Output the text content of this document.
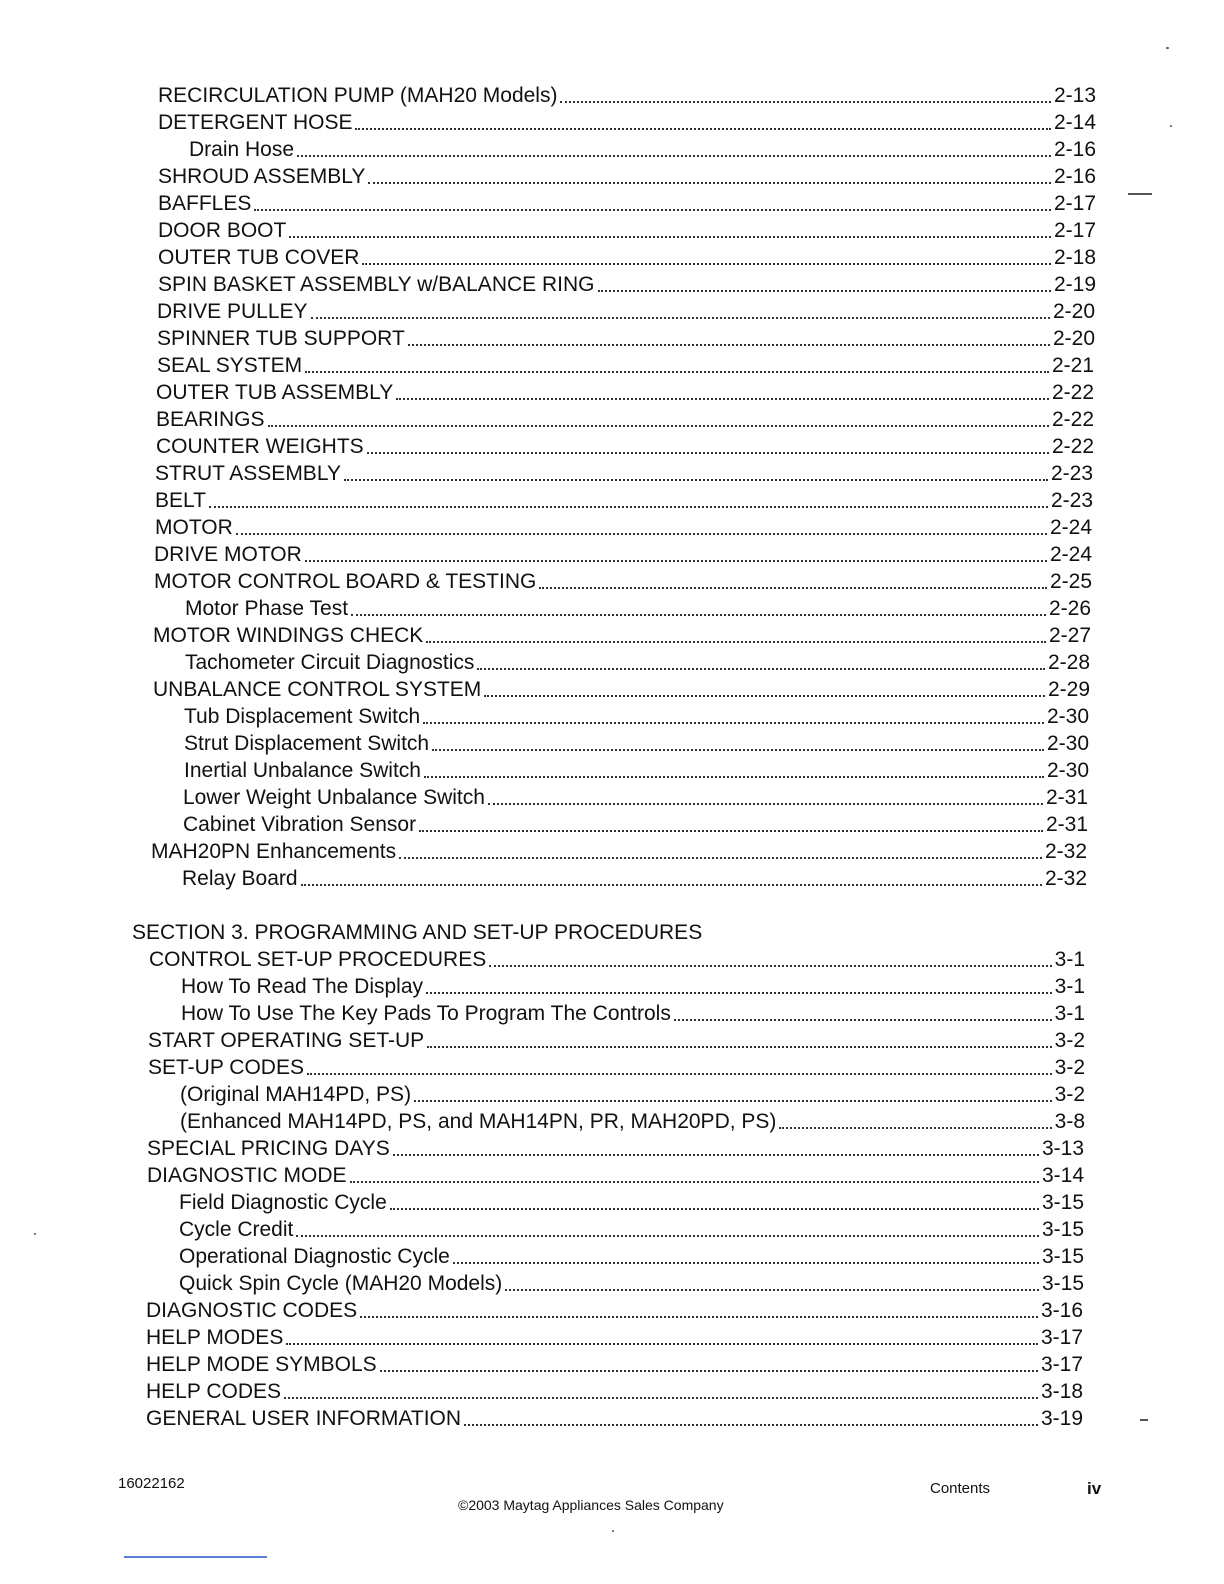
RECIRCULATION PUMP (MAH20 Models)	2-13
DETERGENT HOSE	2-14
Drain Hose	2-16
SHROUD ASSEMBLY	2-16
BAFFLES	2-17
DOOR BOOT	2-17
OUTER TUB COVER	2-18
SPIN BASKET ASSEMBLY w/BALANCE RING	2-19
DRIVE PULLEY	2-20
SPINNER TUB SUPPORT	2-20
SEAL SYSTEM	2-21
OUTER TUB ASSEMBLY	2-22
BEARINGS	2-22
COUNTER WEIGHTS	2-22
STRUT ASSEMBLY	2-23
BELT	2-23
MOTOR	2-24
DRIVE MOTOR	2-24
MOTOR CONTROL BOARD & TESTING	2-25
Motor Phase Test	2-26
MOTOR WINDINGS CHECK	2-27
Tachometer Circuit Diagnostics	2-28
UNBALANCE CONTROL SYSTEM	2-29
Tub Displacement Switch	2-30
Strut Displacement Switch	2-30
Inertial Unbalance Switch	2-30
Lower Weight Unbalance Switch	2-31
Cabinet Vibration Sensor	2-31
MAH20PN Enhancements	2-32
Relay Board	2-32
SECTION 3. PROGRAMMING AND SET-UP PROCEDURES
CONTROL SET-UP PROCEDURES	3-1
How To Read The Display	3-1
How To Use The Key Pads To Program The Controls	3-1
START OPERATING SET-UP	3-2
SET-UP CODES	3-2
(Original MAH14PD, PS)	3-2
(Enhanced MAH14PD, PS, and MAH14PN, PR, MAH20PD, PS)	3-8
SPECIAL PRICING DAYS	3-13
DIAGNOSTIC MODE	3-14
Field Diagnostic Cycle	3-15
Cycle Credit	3-15
Operational Diagnostic Cycle	3-15
Quick Spin Cycle (MAH20 Models)	3-15
DIAGNOSTIC CODES	3-16
HELP MODES	3-17
HELP MODE SYMBOLS	3-17
HELP CODES	3-18
GENERAL USER INFORMATION	3-19
16022162
©2003 Maytag Appliances Sales Company
Contents	iv
